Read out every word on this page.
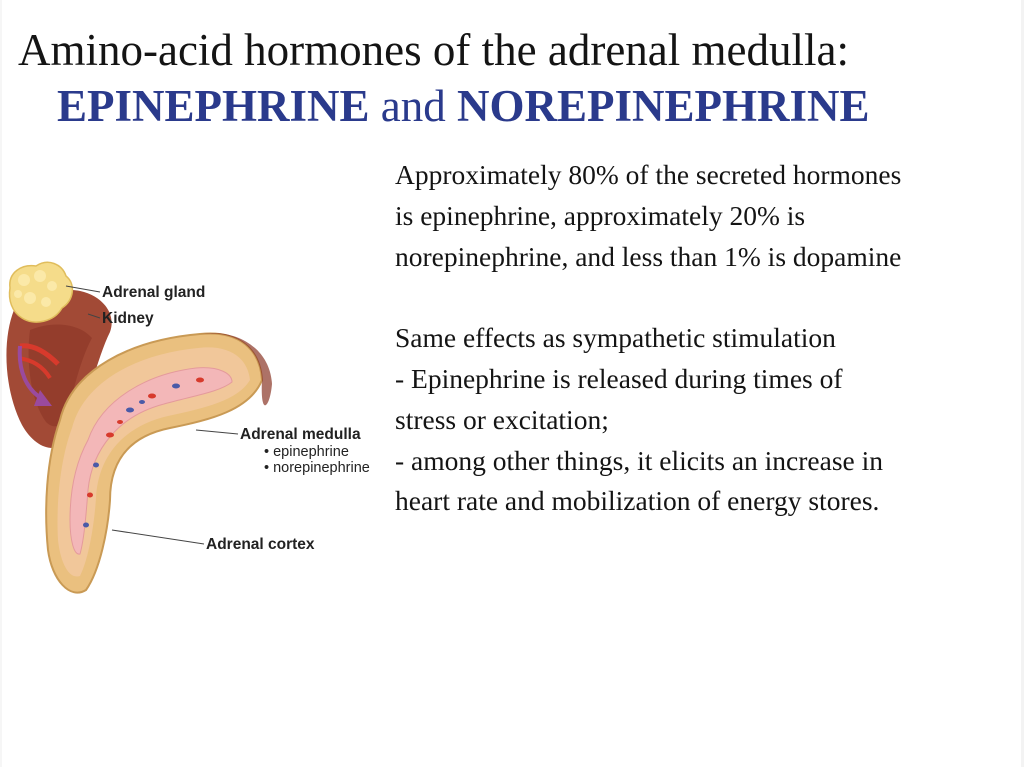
Amino-acid hormones of the adrenal medulla:
EPINEPHRINE and NOREPINEPHRINE

Approximately 80% of the secreted hormones

is epinephrine, approximately 20% is

norepinephrine, and less than 1% is dopamine

Same effects as sympathetic stimulation

- Epinephrine is released during times of

stress or excitation;

- among other things, it elicits an increase in

heart rate and mobilization of energy stores.

Adrenal gland
Kidney
Adrenal medulla
• epinephrine
• norepinephrine
Adrenal cortex
